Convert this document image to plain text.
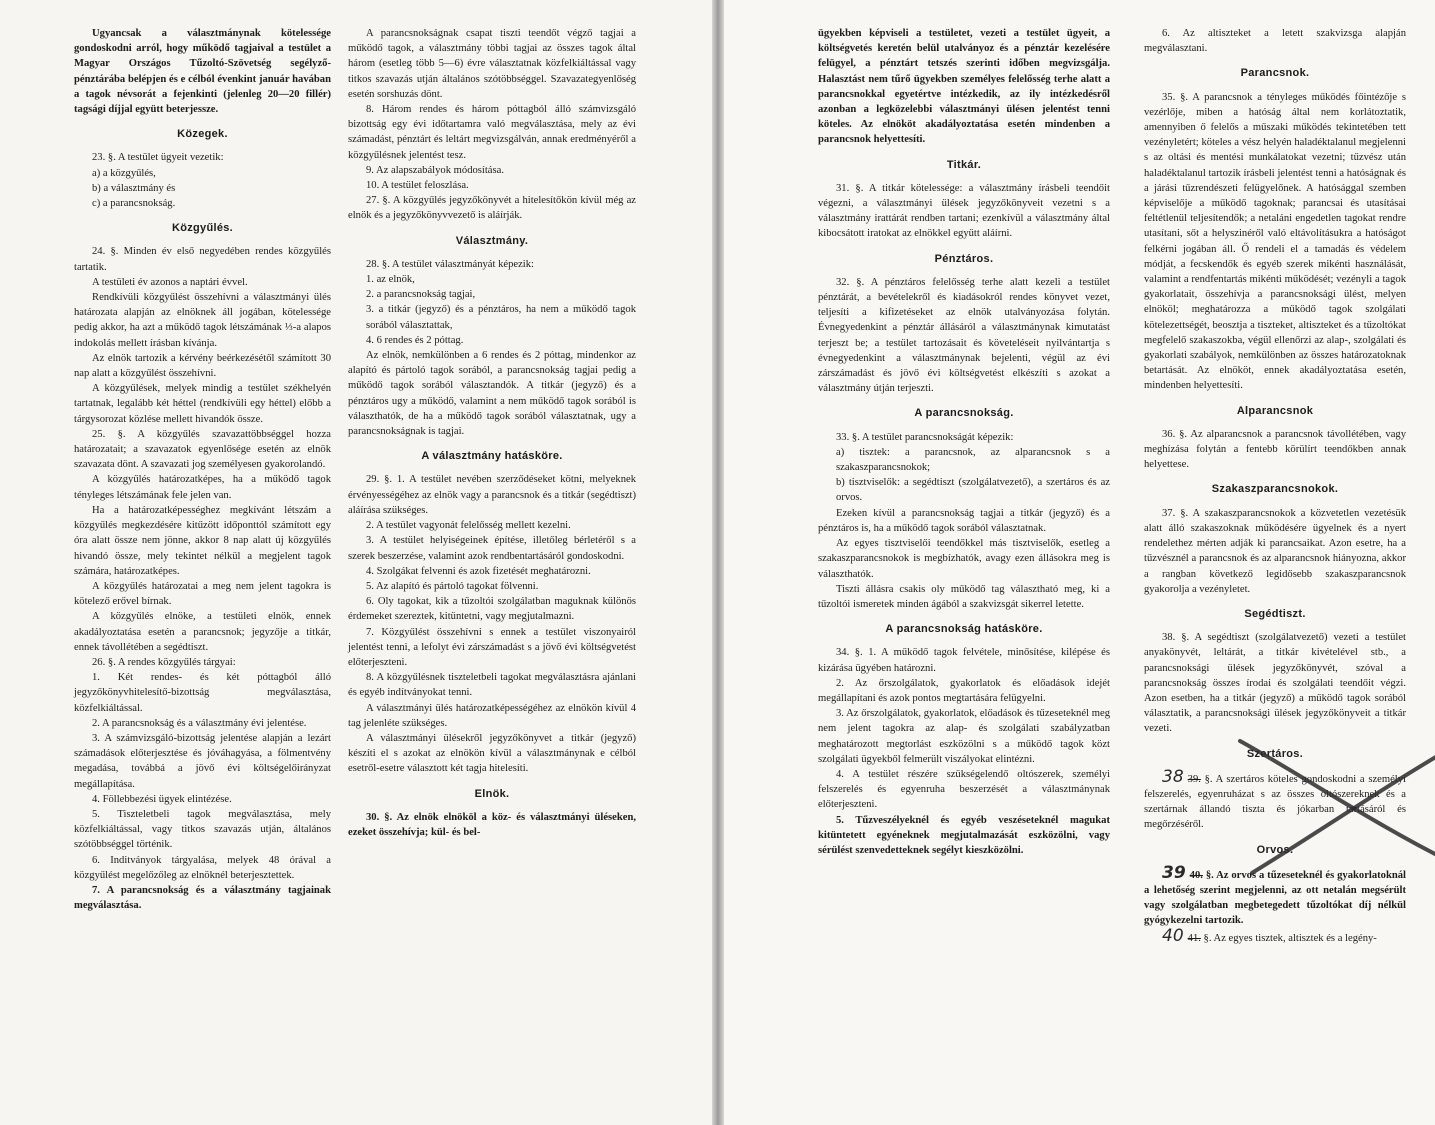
Ugyancsak a választmánynak kötelessége gondoskodni arról, hogy működő tagjaival a testület a Magyar Országos Tűzoltó-Szövetség segélyző-pénztárába belépjen és e célból évenkint január havában a tagok névsorát a fejenkinti (jelenleg 20—20 fillér) tagsági díjjal együtt beterjessze.

Közegek.

23. §. A testület ügyeit vezetik:

a) a közgyűlés,

b) a választmány és

c) a parancsnokság.

Közgyűlés.

24. §. Minden év első negyedében rendes közgyűlés tartatik.

A testületi év azonos a naptári évvel.

Rendkívüli közgyűlést összehívni a választmányi ülés határozata alapján az elnöknek áll jogában, kötelessége pedig akkor, ha azt a működő tagok létszámának ⅓-a alapos indokolás mellett írásban kívánja.

Az elnök tartozik a kérvény beérkezésétől számított 30 nap alatt a közgyűlést összehívni.

A közgyűlések, melyek mindig a testület székhelyén tartatnak, legalább két héttel (rendkívüli egy héttel) előbb a tárgysorozat közlése mellett hivandók össze.

25. §. A közgyűlés szavazattöbbséggel hozza határozatait; a szavazatok egyenlősége esetén az elnök szavazata dönt. A szavazati jog személyesen gyakorolandó.

A közgyűlés határozatképes, ha a működő tagok tényleges létszámának fele jelen van.

Ha a határozatképességhez megkívánt létszám a közgyűlés megkezdésére kitűzött időponttól számított egy óra alatt össze nem jönne, akkor 8 nap alatt új közgyűlés hivandó össze, mely tekintet nélkül a megjelent tagok számára, határozatképes.

A közgyűlés határozatai a meg nem jelent tagokra is kötelező erővel bírnak.

A közgyűlés elnöke, a testületi elnök, ennek akadályoztatása esetén a parancsnok; jegyzője a titkár, ennek távollétében a segédtiszt.

26. §. A rendes közgyűlés tárgyai:

1. Két rendes- és két póttagból álló jegyzőkönyvhitelesítő-bizottság megválasztása, közfelkiáltással.

2. A parancsnokság és a választmány évi jelentése.

3. A számvizsgáló-bizottság jelentése alapján a lezárt számadások előterjesztése és jóváhagyása, a fölmentvény megadása, továbbá a jövő évi költségelőirányzat megállapítása.

4. Föllebbezési ügyek elintézése.

5. Tiszteletbeli tagok megválasztása, mely közfelkiáltással, vagy titkos szavazás utján, általános szótöbbséggel történik.

6. Inditványok tárgyalása, melyek 48 órával a közgyűlést megelőzőleg az elnöknél beterjesztettek.

7. A parancsnokság és a választmány tagjainak megválasztása.

A parancsnokságnak csapat tiszti teendőt végző tagjai a működő tagok, a választmány többi tagjai az összes tagok által három (esetleg több 5—6) évre választatnak közfelkiáltással vagy titkos szavazás utján általános szótöbbséggel. Szavazategyenlőség esetén sorshuzás dönt.

8. Három rendes és három póttagból álló számvizsgáló bizottság egy évi időtartamra való megválasztása, mely az évi számadást, pénztárt és leltárt megvizsgálván, annak eredményéről a közgyűlésnek jelentést tesz.

9. Az alapszabályok módosítása.

10. A testület feloszlása.

27. §. A közgyűlés jegyzőkönyvét a hitelesítőkön kívül még az elnök és a jegyzőkönyvvezető is aláírják.

Választmány.

28. §. A testület választmányát képezik:

1. az elnök,

2. a parancsnokság tagjai,

3. a titkár (jegyző) és a pénztáros, ha nem a működő tagok sorából választattak,

4. 6 rendes és 2 póttag.

Az elnök, nemkülönben a 6 rendes és 2 póttag, mindenkor az alapító és pártoló tagok sorából, a parancsnokság tagjai pedig a működő tagok sorából választandók. A titkár (jegyző) és a pénztáros ugy a működő, valamint a nem működő tagok sorából is választhatók, de ha a működő tagok sorából választatnak, ugy a parancsnokságnak is tagjai.

A választmány hatásköre.

29. §. 1. A testület nevében szerződéseket kötni, melyeknek érvényességéhez az elnök vagy a parancsnok és a titkár (segédtiszt) aláírása szükséges.

2. A testület vagyonát felelősség mellett kezelni.

3. A testület helyiségeinek építése, illetőleg bérletéről s a szerek beszerzése, valamint azok rendbentartásáról gondoskodni.

4. Szolgákat felvenni és azok fizetését meghatározni.

5. Az alapító és pártoló tagokat fölvenni.

6. Oly tagokat, kik a tűzoltói szolgálatban maguknak különös érdemeket szereztek, kitüntetni, vagy megjutalmazni.

7. Közgyűlést összehívni s ennek a testület viszonyairól jelentést tenni, a lefolyt évi zárszámadást s a jövő évi költségvetést előterjeszteni.

8. A közgyűlésnek tiszteletbeli tagokat megválasztásra ajánlani és egyéb indítványokat tenni.

A választmányi ülés határozatképességéhez az elnökön kívül 4 tag jelenléte szükséges.

A választmányi ülésekről jegyzőkönyvet a titkár (jegyző) készíti el s azokat az elnökön kívül a választmánynak e célból esetről-esetre választott két tagja hitelesíti.

Elnök.

30. §. Az elnök elnököl a köz- és választmányi üléseken, ezeket összehívja; kül- és bel-

ügyekben képviseli a testületet, vezeti a testület ügyeit, a költségvetés keretén belül utalványoz és a pénztár kezelésére felügyel, a pénztárt tetszés szerinti időben megvizsgálja. Halasztást nem tűrő ügyekben személyes felelősség terhe alatt a parancsnokkal egyetértve intézkedik, az ily intézkedésről azonban a legközelebbi választmányi ülésen jelentést tenni köteles. Az elnököt akadályoztatása esetén mindenben a parancsnok helyettesíti.

Titkár.

31. §. A titkár kötelessége: a választmány írásbeli teendőit végezni, a választmányi ülések jegyzőkönyveit vezetni s a választmány irattárát rendben tartani; ezenkívül a választmány által kibocsátott iratokat az elnökkel együtt aláírni.

Pénztáros.

32. §. A pénztáros felelősség terhe alatt kezeli a testület pénztárát, a bevételekről és kiadásokról rendes könyvet vezet, teljesíti a kifizetéseket az elnök utalványozása folytán. Évnegyedenkint a pénztár állásáról a választmánynak kimutatást terjeszt be; a testület tartozásait és követeléseit nyilvántartja s évnegyedenkint a választmánynak bejelenti, végül az évi zárszámadást és jövő évi költségvetést elkészíti s azokat a választmány útján terjeszti.

A parancsnokság.

33. §. A testület parancsnokságát képezik:

a) tisztek: a parancsnok, az alparancsnok s a szakaszparancsnokok;

b) tisztviselők: a segédtiszt (szolgálatvezető), a szertáros és az orvos.

Ezeken kívül a parancsnokság tagjai a titkár (jegyző) és a pénztáros is, ha a működő tagok sorából választatnak.

Az egyes tisztviselői teendőkkel más tisztviselők, esetleg a szakaszparancsnokok is megbízhatók, avagy ezen állásokra meg is választhatók.

Tiszti állásra csakis oly működő tag választható meg, ki a tűzoltói ismeretek minden ágából a szakvizsgát sikerrel letette.

A parancsnokság hatásköre.

34. §. 1. A működő tagok felvétele, minősítése, kilépése és kizárása ügyében határozni.

2. Az őrszolgálatok, gyakorlatok és előadások idejét megállapítani és azok pontos megtartására felügyelni.

3. Az őrszolgálatok, gyakorlatok, előadások és tűzeseteknél meg nem jelent tagokra az alap- és szolgálati szabályzatban meghatározott megtorlást eszközölni s a működő tagok közt szolgálati ügyekből felmerült viszályokat elintézni.

4. A testület részére szükségelendő oltószerek, személyi felszerelés és egyenruha beszerzését a választmánynak előterjeszteni.

5. Tűzveszélyeknél és egyéb veszéseteknél magukat kitüntetett egyéneknek megjutalmazását eszközölni, vagy sérülést szenvedetteknek segélyt kieszközölni.

6. Az altiszteket a letett szakvizsga alapján megválasztani.

Parancsnok.

35. §. A parancsnok a tényleges működés főintézője s vezérlője, miben a hatóság által nem korlátoztatik, amennyiben ő felelős a műszaki működés tekintetében tett vezényletért; köteles a vész helyén haladéktalanul megjelenni s az oltási és mentési munkálatokat vezetni; tűzvész után haladéktalanul tartozik írásbeli jelentést tenni a hatóságnak és a járási tűzrendészeti felügyelőnek. A hatósággal szemben képviselője a működő tagoknak; parancsai és utasításai feltétlenül teljesítendők; a netaláni engedetlen tagokat rendre utasítani, sőt a helyszinéről való eltávolításukra a hatóságot felkérni jogában áll. Ő rendeli el a tamadás és védelem módját, a fecskendők és egyéb szerek mikénti használását, valamint a rendfentartás mikénti működését; vezényli a tagok gyakorlatait, összehívja a parancsnoksági ülést, melyen elnököl; meghatározza a működő tagok szolgálati kötelezettségét, beosztja a tiszteket, altiszteket és a tűzoltókat megfelelő szakaszokba, végül ellenőrzi az alap-, szolgálati és gyakorlati szabályok, nemkülönben az összes határozatoknak betartását. Az elnököt, ennek akadályoztatása esetén, mindenben helyettesíti.

Alparancsnok

36. §. Az alparancsnok a parancsnok távollétében, vagy meghízása folytán a fentebb körülírt teendőkben annak helyettese.

Szakaszparancsnokok.

37. §. A szakaszparancsnokok a közvetetlen vezetésük alatt álló szakaszoknak működésére ügyelnek és a nyert rendelethez mérten adják ki parancsaikat. Azon esetre, ha a tűzvésznél a parancsnok és az alparancsnok hiányozna, akkor a rangban következő legidősebb szakaszparancsnok gyakorolja a vezényletet.

Segédtiszt.

38. §. A segédtiszt (szolgálatvezető) vezeti a testület anyakönyvét, leltárát, a titkár kivételével stb., a parancsnoksági ülések jegyzőkönyvét, szóval a parancsnokság összes írodai és szolgálati teendőit végzi. Azon esetben, ha a titkár (jegyző) a működő tagok sorából választatik, a parancsnoksági ülések jegyzőkönyveit a titkár vezeti.

Szertáros.

38 39. §. A szertáros köteles gondoskodni a személyi felszerelés, egyenruházat s az összes oltószereknek és a szertárnak állandó tiszta és jókarban tartásáról és megőrzéséről.

Orvos.

39 40. §. Az orvos a tűzeseteknél és gyakorlatoknál a lehetőség szerint megjelenni, az ott netalán megsérült vagy szolgálatban megbetegedett tűzoltókat díj nélkül gyógykezelni tartozik.

40 41. §. Az egyes tisztek, altisztek és a legény-
